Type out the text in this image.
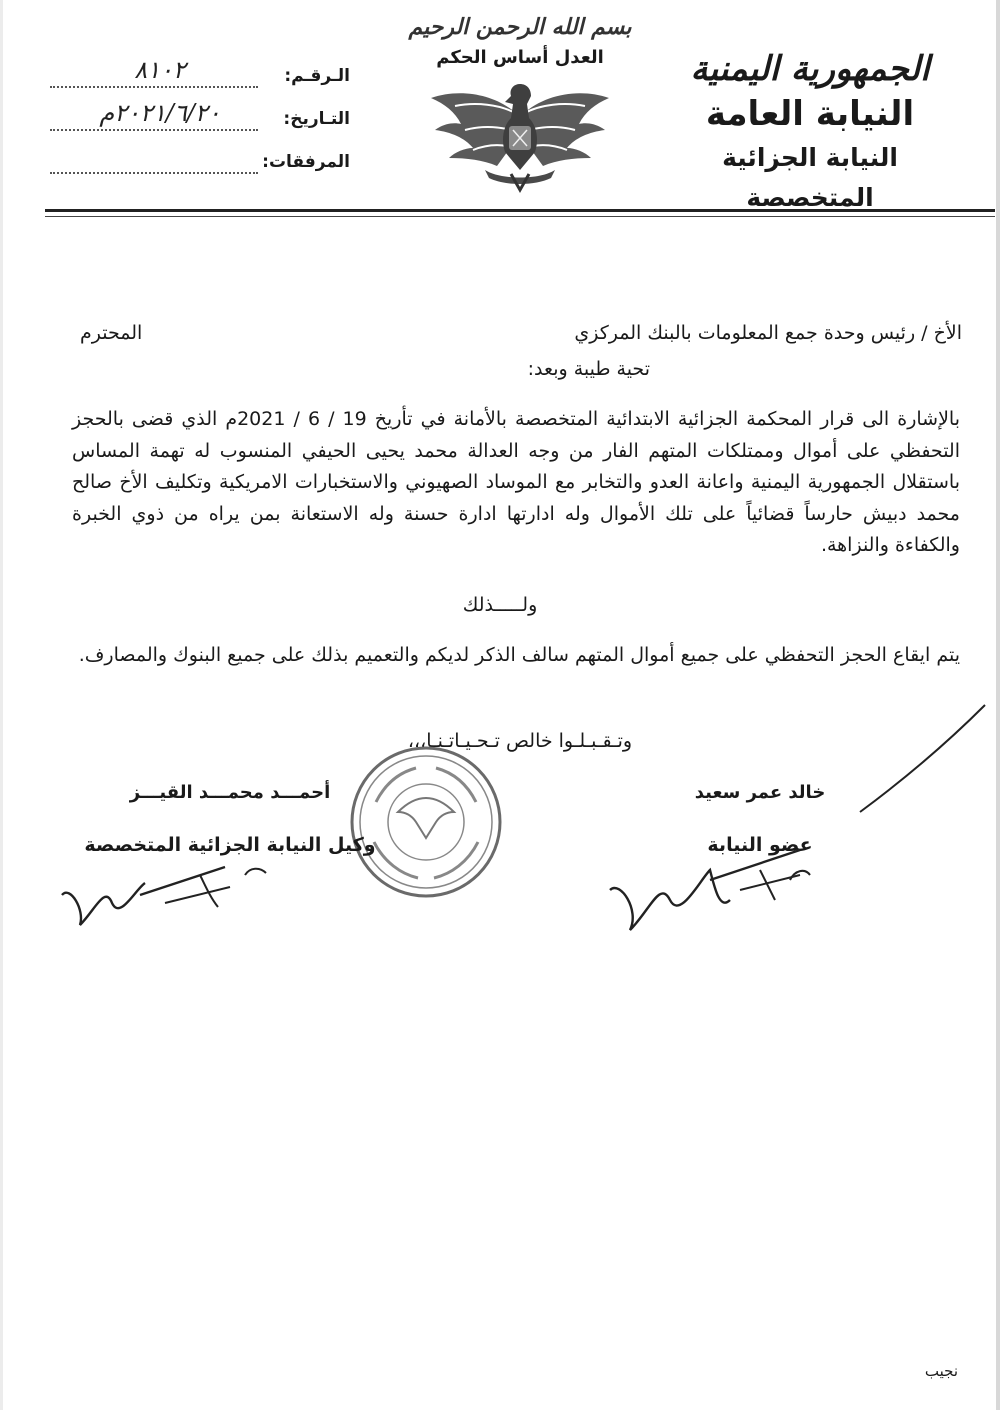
الجمهورية اليمنية
النيابة العامة
النيابة الجزائية المتخصصة
بسم الله الرحمن الرحيم
العدل أساس الحكم
الـرقـم:
٨١٠٢
التـاريخ:
٢٠٢١/٦/٢٠م
المرفقات:
الأخ / رئيس وحدة جمع المعلومات بالبنك المركزي
المحترم
تحية طيبة وبعد:
بالإشارة الى قرار المحكمة الجزائية الابتدائية المتخصصة بالأمانة في تأريخ 19 / 6 / 2021م الذي قضى بالحجز التحفظي على أموال وممتلكات المتهم الفار من وجه العدالة محمد يحيى الحيفي المنسوب له تهمة المساس باستقلال الجمهورية اليمنية واعانة العدو والتخابر مع الموساد الصهيوني والاستخبارات الامريكية وتكليف الأخ صالح محمد دبيش حارساً قضائياً على تلك الأموال وله ادارتها ادارة حسنة وله الاستعانة بمن يراه من ذوي الخبرة والكفاءة والنزاهة.
ولـــــذلك
يتم ايقاع الحجز التحفظي على جميع أموال المتهم سالف الذكر لديكم والتعميم بذلك على جميع البنوك والمصارف.
وتـقـبـلـوا خالص تـحـيـاتـنـا،،،
خالد عمر سعيد
عضو النيابة
أحمـــد محمـــد القيـــز
وكيل النيابة الجزائية المتخصصة
نجيب
